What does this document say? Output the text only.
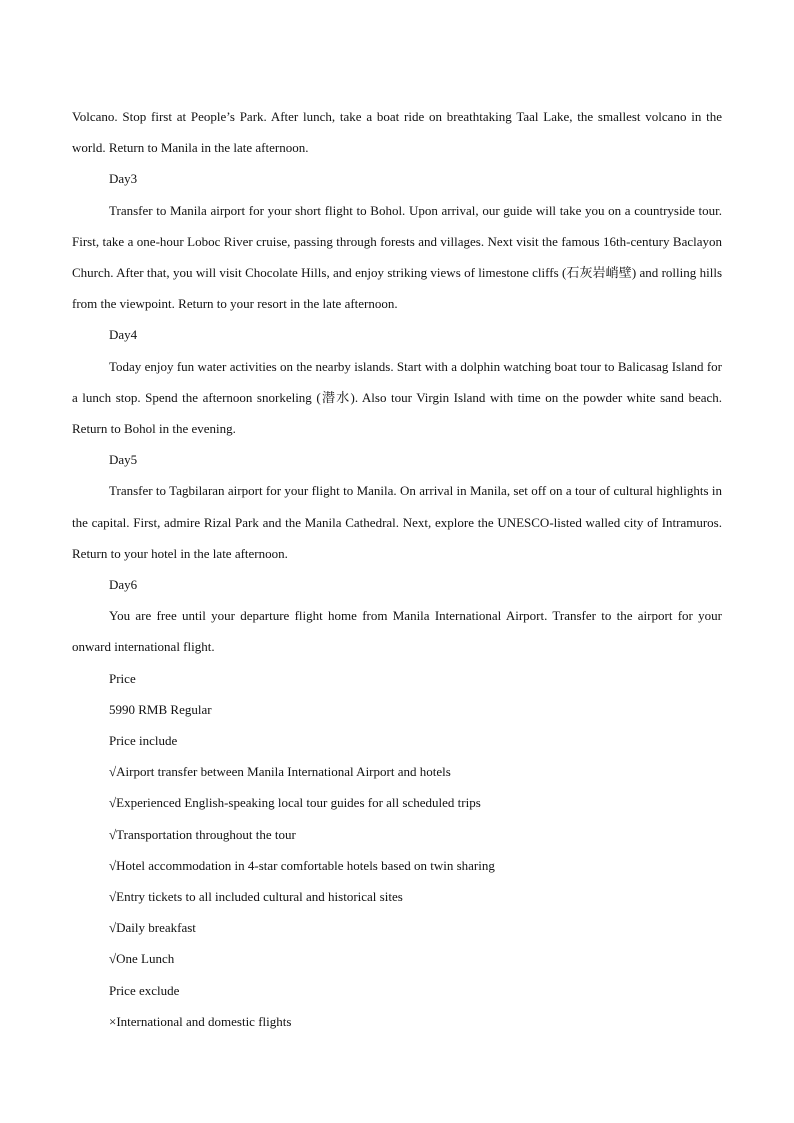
Volcano. Stop first at People’s Park. After lunch, take a boat ride on breathtaking Taal Lake, the smallest volcano in the world. Return to Manila in the late afternoon.

Day3

Transfer to Manila airport for your short flight to Bohol. Upon arrival, our guide will take you on a countryside tour. First, take a one-hour Loboc River cruise, passing through forests and villages. Next visit the famous 16th-century Baclayon Church. After that, you will visit Chocolate Hills, and enjoy striking views of limestone cliffs (石灰岩峭壁) and rolling hills from the viewpoint. Return to your resort in the late afternoon.

Day4

Today enjoy fun water activities on the nearby islands. Start with a dolphin watching boat tour to Balicasag Island for a lunch stop. Spend the afternoon snorkeling (潜水). Also tour Virgin Island with time on the powder white sand beach. Return to Bohol in the evening.

Day5

Transfer to Tagbilaran airport for your flight to Manila. On arrival in Manila, set off on a tour of cultural highlights in the capital. First, admire Rizal Park and the Manila Cathedral. Next, explore the UNESCO-listed walled city of Intramuros. Return to your hotel in the late afternoon.

Day6

You are free until your departure flight home from Manila International Airport. Transfer to the airport for your onward international flight.

Price

5990 RMB Regular

Price include

√Airport transfer between Manila International Airport and hotels

√Experienced English-speaking local tour guides for all scheduled trips

√Transportation throughout the tour

√Hotel accommodation in 4-star comfortable hotels based on twin sharing

√Entry tickets to all included cultural and historical sites

√Daily breakfast

√One Lunch

Price exclude

×International and domestic flights
